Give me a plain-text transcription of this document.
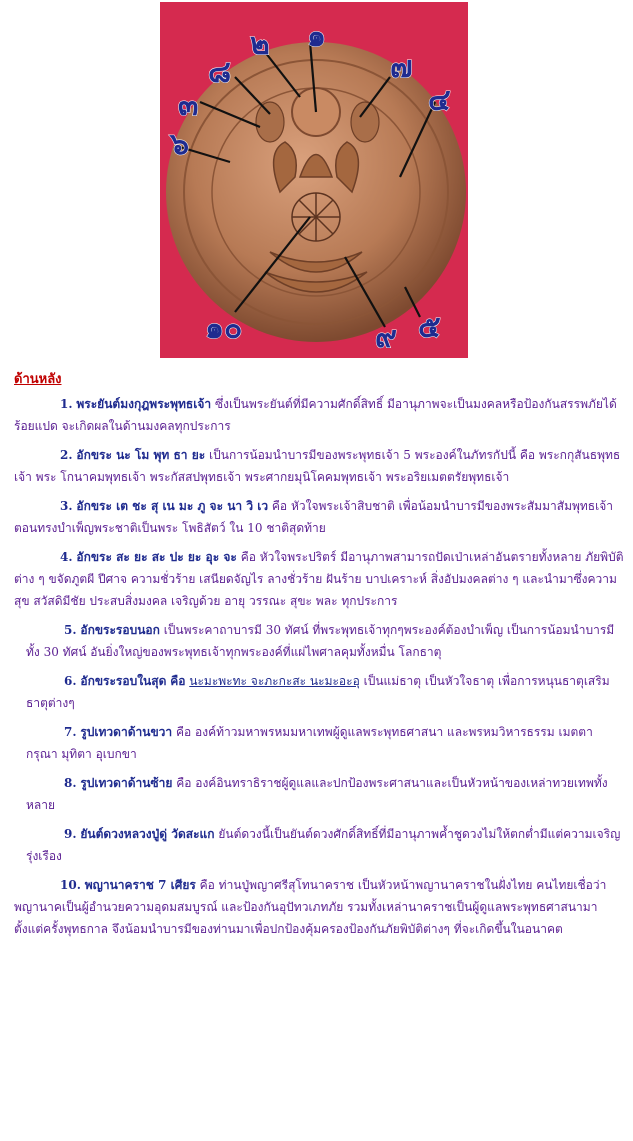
๑
๒
๓	๔
๕
๖
๗
๘
๙
๑๐
ด้านหลัง

1. พระยันต์มงกุฎพระพุทธเจ้า ซึ่งเป็นพระยันต์ที่มีความศักดิ์สิทธิ์ มีอานุภาพจะเป็นมงคลหรือป้องกันสรรพภัยได้ร้อยแปด จะเกิดผลในด้านมงคลทุกประการ

2. อักขระ นะ โม พุท ธา ยะ เป็นการน้อมนำบารมีของพระพุทธเจ้า 5 พระองค์ในภัทรกัปนี้ คือ พระกกุสันธพุทธเจ้า พระ โกนาคมพุทธเจ้า พระกัสสปพุทธเจ้า พระศากยมุนิโคคมพุทธเจ้า พระอริยเมตตรัยพุทธเจ้า

3. อักขระ เต ชะ สุ เน มะ ภู จะ นา วิ เว คือ หัวใจพระเจ้าสิบชาติ เพื่อน้อมนำบารมีของพระสัมมาสัมพุทธเจ้าตอนทรงบำเพ็ญพระชาติเป็นพระ โพธิสัตว์ ใน 10 ชาติสุดท้าย

4. อักขระ สะ ยะ สะ ปะ ยะ อุะ จะ คือ หัวใจพระปริตร์ มีอานุภาพสามารถปัดเป่าเหล่าอันตรายทั้งหลาย ภัยพิบัติต่าง ๆ ขจัดภูตผี ปีศาจ ความชั่วร้าย เสนียดจัญไร ลางชั่วร้าย ฝันร้าย บาปเคราะห์ สิ่งอัปมงคลต่าง ๆ และนำมาซึ่งความสุข สวัสดิมีชัย ประสบสิ่งมงคล เจริญด้วย อายุ วรรณะ สุขะ พละ ทุกประการ

5. อักขระรอบนอก เป็นพระคาถาบารมี 30 ทัศน์ ที่พระพุทธเจ้าทุกๆพระองค์ต้องบำเพ็ญ เป็นการน้อมนำบารมีทั้ง 30 ทัศน์ อันยิ่งใหญ่ของพระพุทธเจ้าทุกพระองค์ที่แผ่ไพศาลคุมทั้งหมื่น โลกธาตุ

6. อักขระรอบในสุด คือ นะมะพะทะ จะภะกะสะ นะมะอะอุ เป็นแม่ธาตุ เป็นหัวใจธาตุ เพื่อการหนุนธาตุเสริมธาตุต่างๆ

7. รูปเทวดาด้านขวา คือ องค์ท้าวมหาพรหมมหาเทพผู้ดูแลพระพุทธศาสนา และพรหมวิหารธรรม เมตตา กรุณา มุทิตา อุเบกขา

8. รูปเทวดาด้านซ้าย คือ องค์อินทราธิราชผู้ดูแลและปกป้องพระศาสนาและเป็นหัวหน้าของเหล่าทวยเทพทั้งหลาย

9. ยันต์ดวงหลวงปู่ดู่ วัดสะแก ยันต์ดวงนี้เป็นยันต์ดวงศักดิ์สิทธิ์ที่มีอานุภาพค้ำชูดวงไม่ให้ตกต่ำมีแต่ความเจริญรุ่งเรือง

10. พญานาคราช 7 เศียร คือ ท่านปู่พญาศรีสุโทนาคราช เป็นหัวหน้าพญานาคราชในฝั่งไทย คนไทยเชื่อว่าพญานาคเป็นผู้อำนวยความอุดมสมบูรณ์ และป้องกันอุปัทวเภทภัย รวมทั้งเหล่านาคราชเป็นผู้ดูแลพระพุทธศาสนามาตั้งแต่ครั้งพุทธกาล จึงน้อมนำบารมีของท่านมาเพื่อปกป้องคุ้มครองป้องกันภัยพิบัติต่างๆ ที่จะเกิดขึ้นในอนาคต
